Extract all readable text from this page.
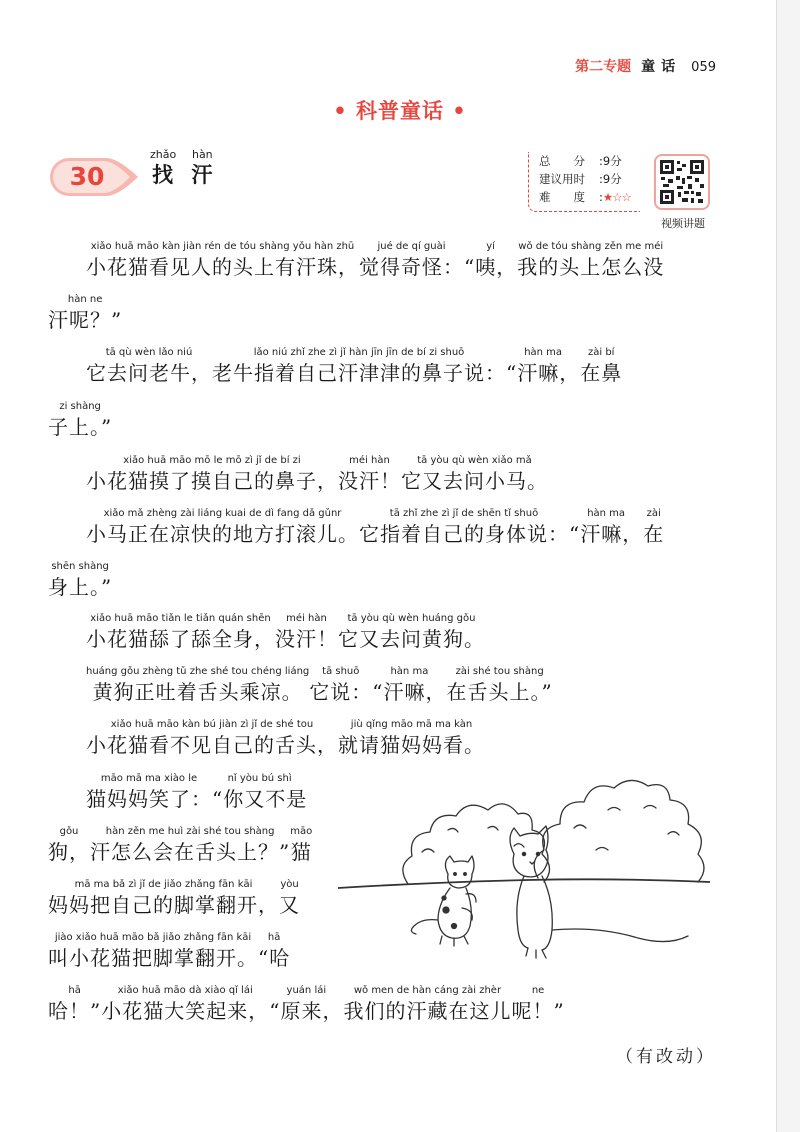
第二专题 童话 059
• 科普童话 •
30
zhǎo
找

hàn
汗
总　　分 :9分
建议用时 :9分
难　　度 :★☆☆
视频讲题
xiǎo huā māo kàn jiàn rén de tóu shàng yǒu hàn zhū
小花猫看见人的头上有汗珠，
jué de qí guài
觉得奇怪：
yí
“咦，
wǒ de tóu shàng zěn me méi
我的头上怎么没
hàn ne
汗呢？”
tā qù wèn lǎo niú
它去问老牛，
lǎo niú zhǐ zhe zì jǐ hàn jīn jīn de bí zi shuō
老牛指着自己汗津津的鼻子说：
hàn ma
“汗嘛，
zài bí
在鼻
zi shàng
子上。”
xiǎo huā māo mō le mō zì jǐ de bí zi
小花猫摸了摸自己的鼻子，
méi hàn
没汗！
tā yòu qù wèn xiǎo mǎ
它又去问小马。
xiǎo mǎ zhèng zài liáng kuai de dì fang dǎ gǔnr
小马正在凉快的地方打滚儿。
tā zhǐ zhe zì jǐ de shēn tǐ shuō
它指着自己的身体说：
hàn ma
“汗嘛，
zài
在
shēn shàng
身上。”
xiǎo huā māo tiǎn le tiǎn quán shēn
小花猫舔了舔全身，
méi hàn
没汗！
tā yòu qù wèn huáng gǒu
它又去问黄狗。
huáng gǒu zhèng tǔ zhe shé tou chéng liáng
黄狗正吐着舌头乘凉。
tā shuō
它说：
hàn ma
“汗嘛，
zài shé tou shàng
在舌头上。”
xiǎo huā māo kàn bú jiàn zì jǐ de shé tou
小花猫看不见自己的舌头，
jiù qǐng māo mā ma kàn
就请猫妈妈看。
māo mā ma xiào le
猫妈妈笑了：
nǐ yòu bú shì
“你又不是
gǒu
狗，
hàn zěn me huì zài shé tou shàng
汗怎么会在舌头上？”
māo
猫
mā ma bǎ zì jǐ de jiǎo zhǎng fān kāi
妈妈把自己的脚掌翻开，
yòu
又
jiào xiǎo huā māo bǎ jiǎo zhǎng fān kāi
叫小花猫把脚掌翻开。
hā
“哈
hā
哈！”
xiǎo huā māo dà xiào qǐ lái
小花猫大笑起来，
yuán lái
“原来，
wǒ men de hàn cáng zài zhèr
我们的汗藏在这儿
ne
呢！”
（有改动）
